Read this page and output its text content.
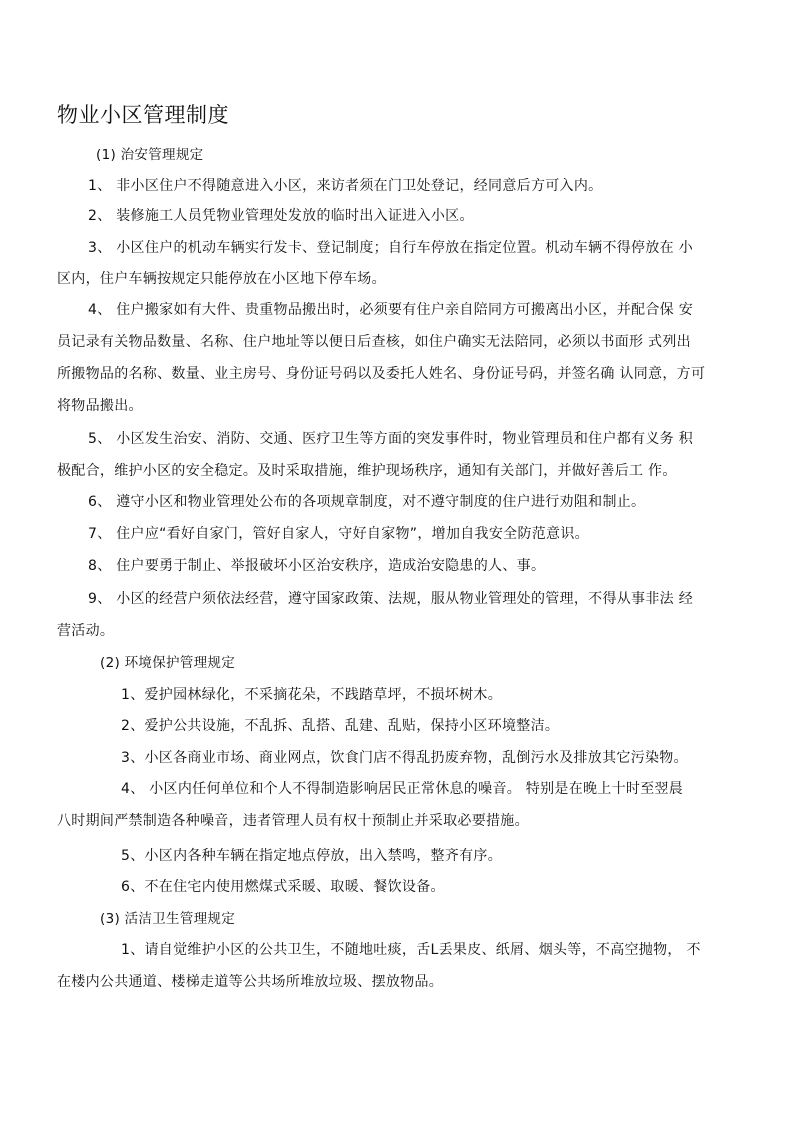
物业小区管理制度
(1) 治安管理规定
1、 非小区住户不得随意进入小区，来访者须在门卫处登记，经同意后方可入内。
2、 装修施工人员凭物业管理处发放的临时出入证进入小区。
3、 小区住户的机动车辆实行发卡、登记制度；自行车停放在指定位置。机动车辆不得停放在 小
区内，住户车辆按规定只能停放在小区地下停车场。
4、 住户搬家如有大件、贵重物品搬出时，必须要有住户亲自陪同方可搬离出小区，并配合保 安
员记录有关物品数量、名称、住户地址等以便日后查核，如住户确实无法陪同，必须以书面形 式列出
所搬物品的名称、数量、业主房号、身份证号码以及委托人姓名、身份证号码，并签名确 认同意，方可
将物品搬出。
5、 小区发生治安、消防、交通、医疗卫生等方面的突发事件时，物业管理员和住户都有义务 积
极配合，维护小区的安全稳定。及时采取措施，维护现场秩序，通知有关部门，并做好善后工 作。
6、 遵守小区和物业管理处公布的各项规章制度，对不遵守制度的住户进行劝阻和制止。
7、 住户应“看好自家门，管好自家人，守好自家物”，增加自我安全防范意识。
8、 住户要勇于制止、举报破坏小区治安秩序，造成治安隐患的人、事。
9、 小区的经营户须依法经营，遵守国家政策、法规，服从物业管理处的管理，不得从事非法 经
营活动。
(2) 环境保护管理规定
1、爱护园林绿化，不采摘花朵，不践踏草坪，不损坏树木。
2、爱护公共设施，不乱拆、乱搭、乱建、乱贴，保持小区环境整洁。
3、小区各商业市场、商业网点，饮食门店不得乱扔废弃物，乱倒污水及排放其它污染物。
4、 小区内任何单位和个人不得制造影响居民正常休息的噪音。 特别是在晚上十时至翌晨
八时期间严禁制造各种噪音，违者管理人员有权十预制止并采取必要措施。
5、小区内各种车辆在指定地点停放，出入禁鸣，整齐有序。
6、不在住宅内使用燃煤式采暖、取暖、餐饮设备。
(3) 活洁卫生管理规定
1、请自觉维护小区的公共卫生，不随地吐痰，舌L丢果皮、纸屑、烟头等，不高空抛物， 不
在楼内公共通道、楼梯走道等公共场所堆放垃圾、摆放物品。
